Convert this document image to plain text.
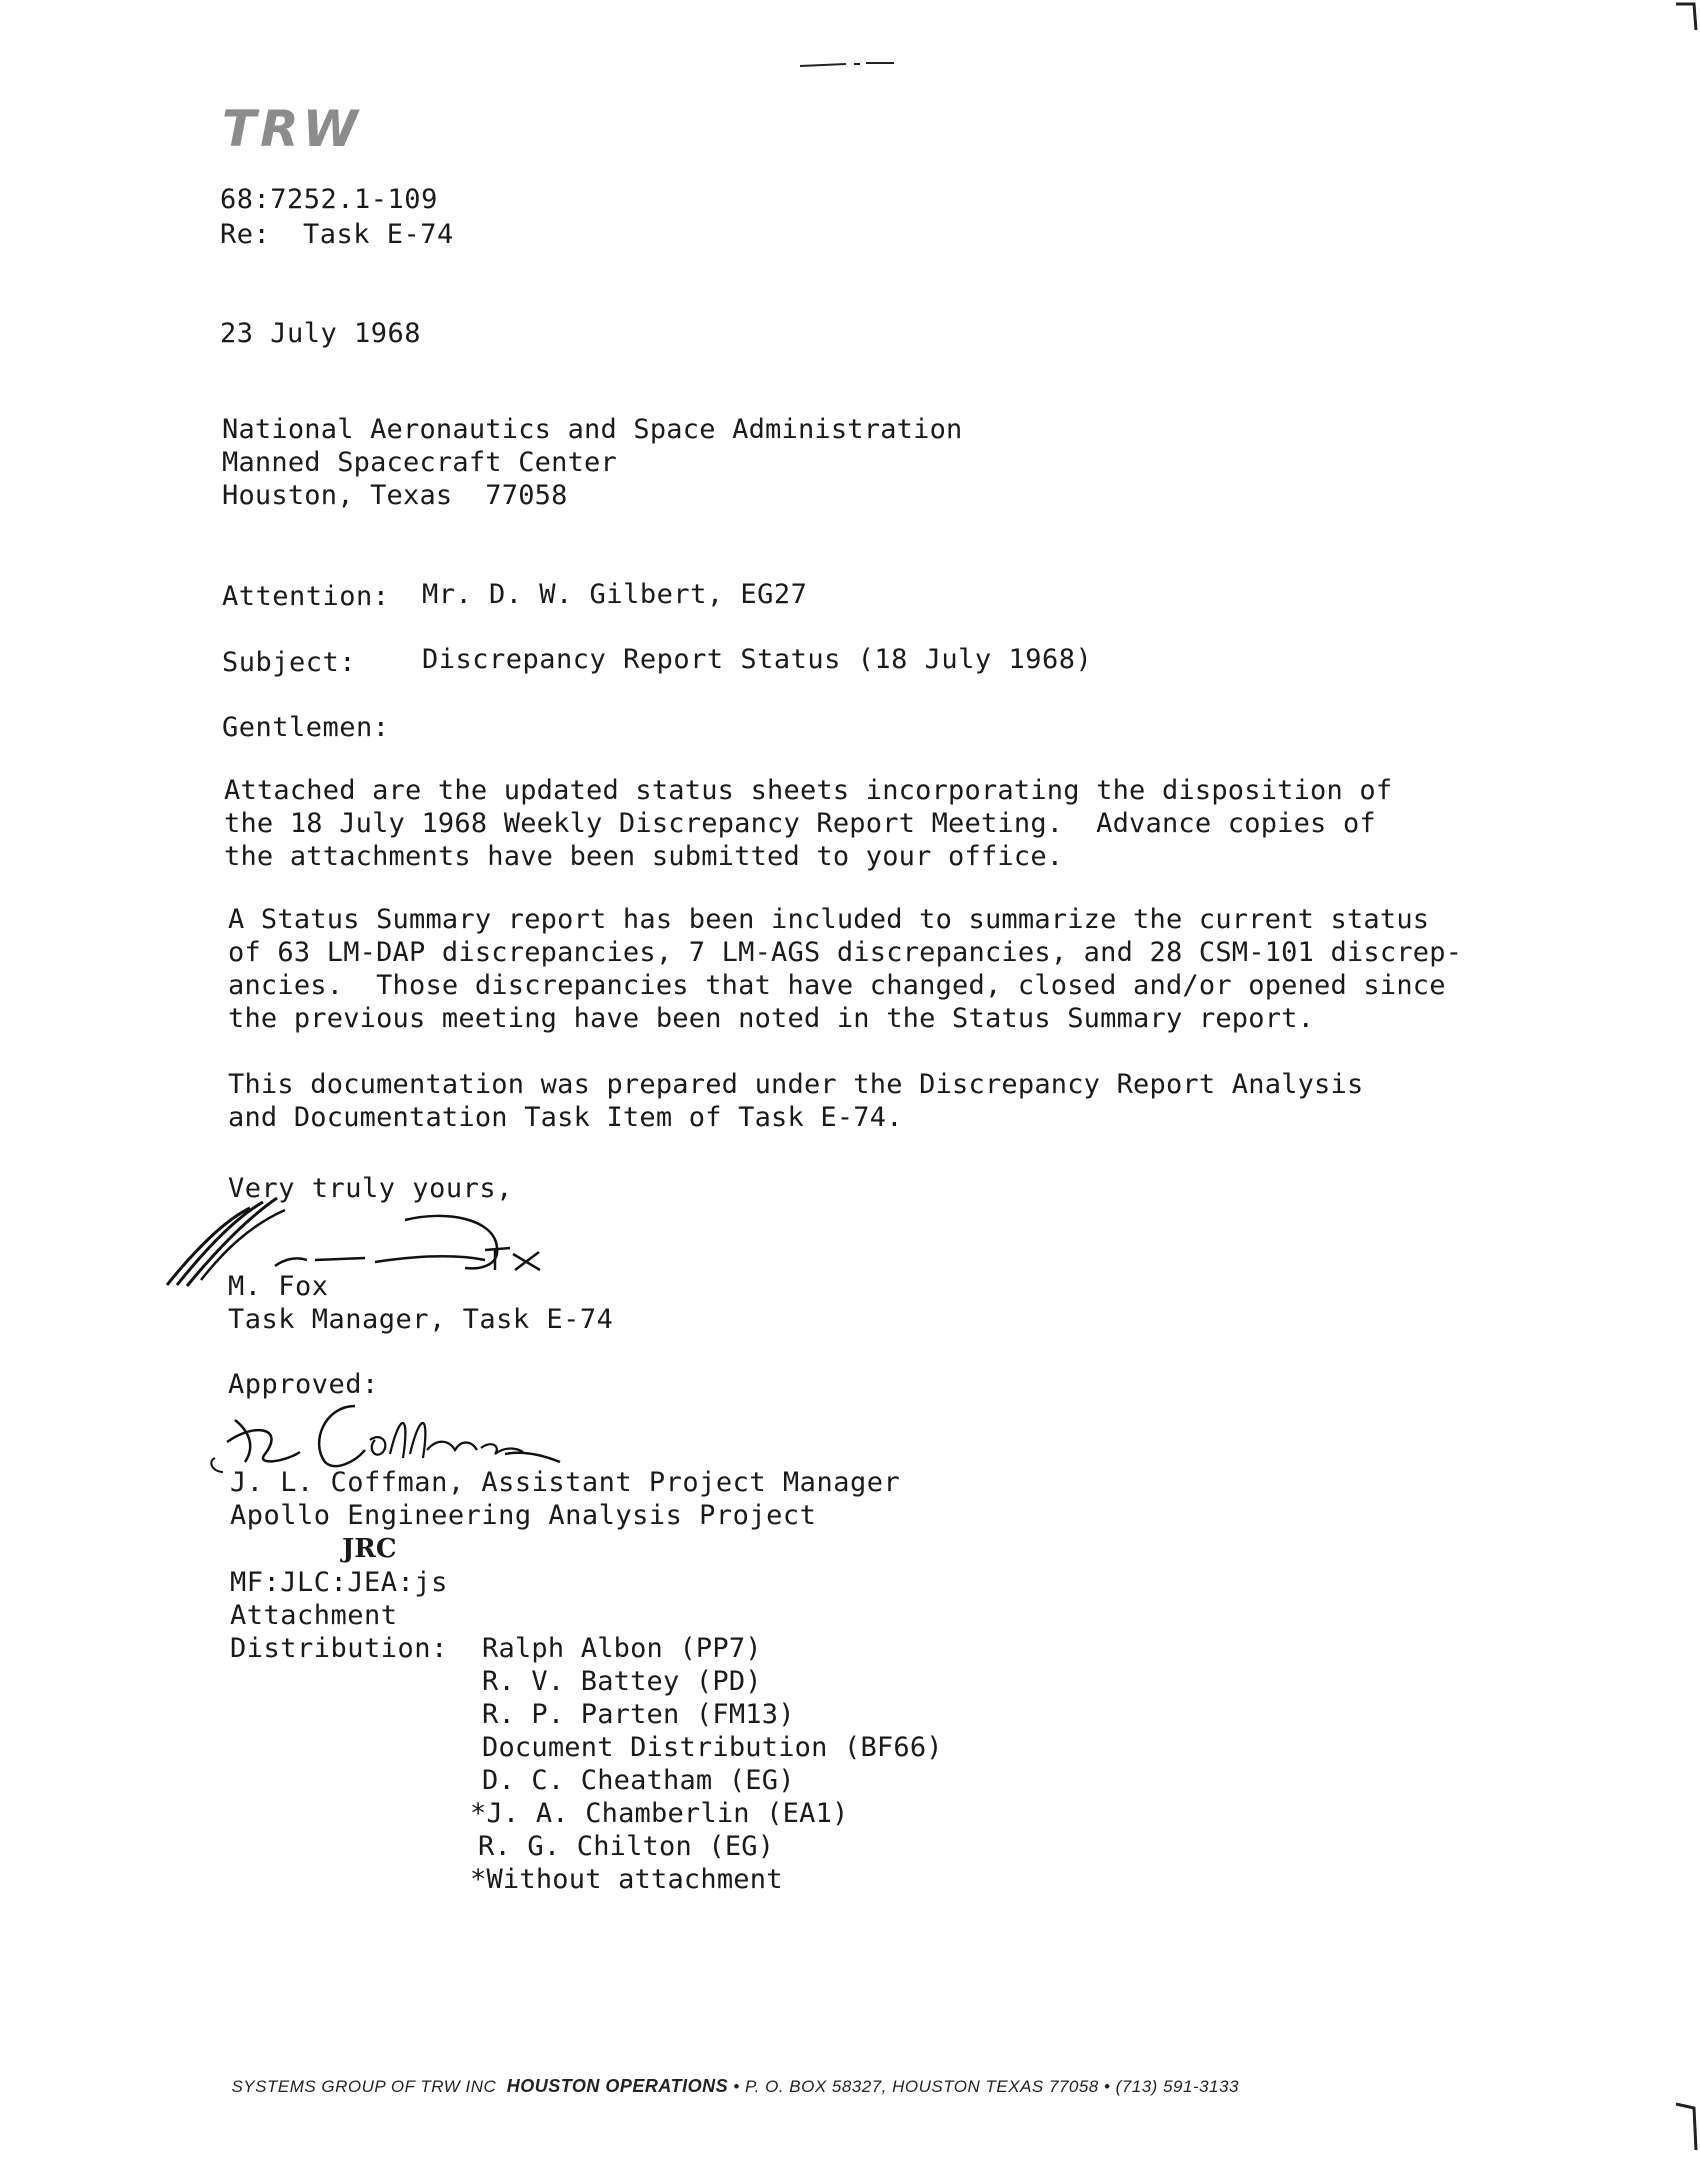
TRW
68:7252.1-109
Re: Task E-74
23 July 1968
National Aeronautics and Space Administration
Manned Spacecraft Center
Houston, Texas  77058
Attention: Mr. D. W. Gilbert, EG27
Subject: Discrepancy Report Status (18 July 1968)
Gentlemen:
Attached are the updated status sheets incorporating the disposition of
the 18 July 1968 Weekly Discrepancy Report Meeting.  Advance copies of
the attachments have been submitted to your office.
A Status Summary report has been included to summarize the current status
of 63 LM-DAP discrepancies, 7 LM-AGS discrepancies, and 28 CSM-101 discrep-
ancies.  Those discrepancies that have changed, closed and/or opened since
the previous meeting have been noted in the Status Summary report.
This documentation was prepared under the Discrepancy Report Analysis
and Documentation Task Item of Task E-74.
Very truly yours,
M. Fox
Task Manager, Task E-74
Approved:
J. L. Coffman, Assistant Project Manager
Apollo Engineering Analysis Project
JRC
MF:JLC:JEA:js
Attachment
Distribution: Ralph Albon (PP7)
R. V. Battey (PD)
R. P. Parten (FM13)
Document Distribution (BF66)
D. C. Cheatham (EG)
*J. A. Chamberlin (EA1)
R. G. Chilton (EG)
*Without attachment

SYSTEMS GROUP OF TRW INC HOUSTON OPERATIONS • P. O. BOX 58327, HOUSTON TEXAS 77058 • (713) 591-3133
